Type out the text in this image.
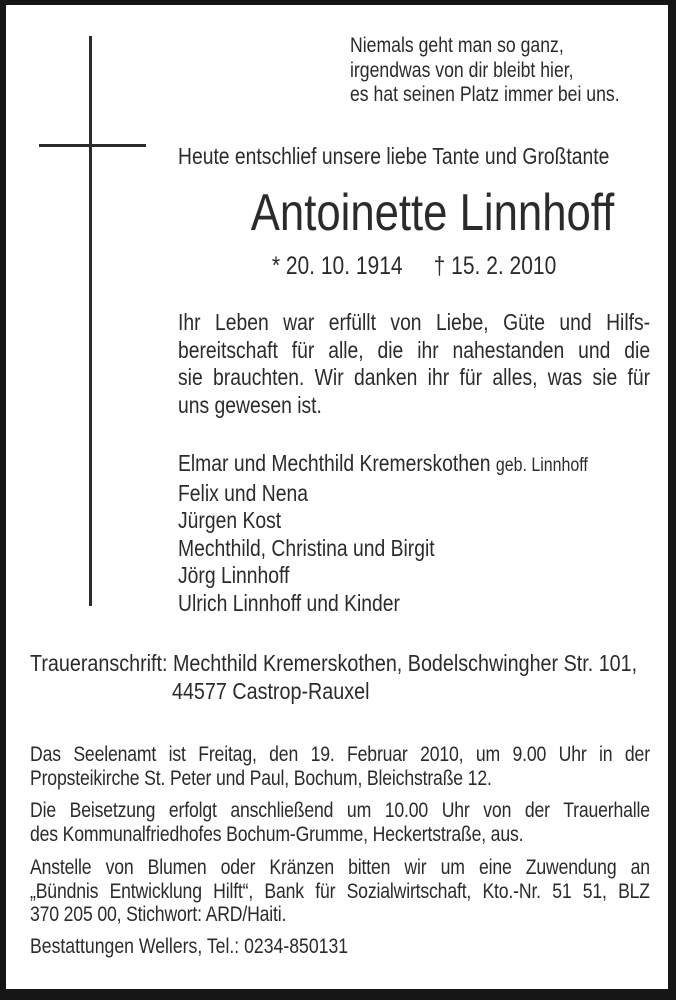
Niemals geht man so ganz,
irgendwas von dir bleibt hier,
es hat seinen Platz immer bei uns.
Heute entschlief unsere liebe Tante und Großtante
Antoinette Linnhoff
* 20. 10. 1914 † 15. 2. 2010
Ihr Leben war erfüllt von Liebe, Güte und Hilfs-
bereitschaft für alle, die ihr nahestanden und die
sie brauchten. Wir danken ihr für alles, was sie für
uns gewesen ist.
Elmar und Mechthild Kremerskothen geb. Linnhoff
Felix und Nena
Jürgen Kost
Mechthild, Christina und Birgit
Jörg Linnhoff
Ulrich Linnhoff und Kinder
Traueranschrift: Mechthild Kremerskothen, Bodelschwingher Str. 101,
44577 Castrop-Rauxel
Das Seelenamt ist Freitag, den 19. Februar 2010, um 9.00 Uhr in der
Propsteikirche St. Peter und Paul, Bochum, Bleichstraße 12.
Die Beisetzung erfolgt anschließend um 10.00 Uhr von der Trauerhalle
des Kommunalfriedhofes Bochum-Grumme, Heckertstraße, aus.
Anstelle von Blumen oder Kränzen bitten wir um eine Zuwendung an
„Bündnis Entwicklung Hilft“, Bank für Sozialwirtschaft, Kto.-Nr. 51 51, BLZ
370 205 00, Stichwort: ARD/Haiti.
Bestattungen Wellers, Tel.: 0234-850131
